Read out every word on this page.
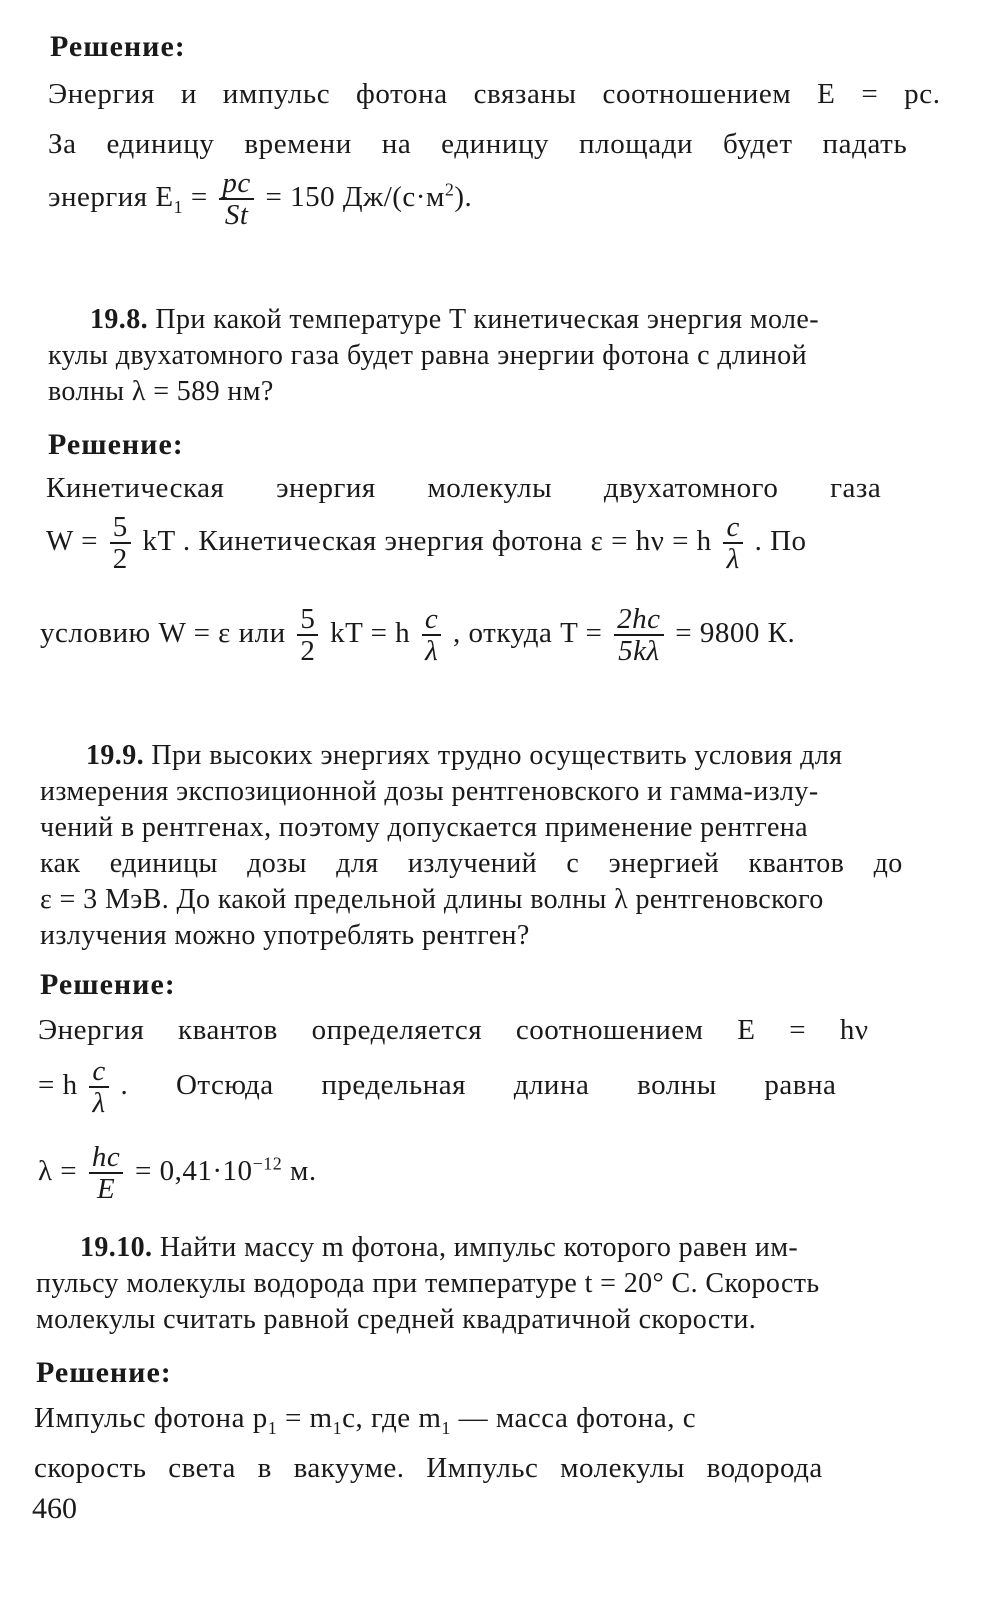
Решение:
Энергия и импульс фотона связаны соотношением E = pc.
За единицу времени на единицу площади будет падать
энергия $E_1 = \frac{pc}{St} = 150$ $Дж/(с\cdot м^2)$.
19.8. При какой температуре T кинетическая энергия моле-
кулы двухатомного газа будет равна энергии фотона с длиной
волны λ = 589 нм?
Решение:
Кинетическая энергия молекулы двухатомного газа
$W = \frac{5}{2}$ kT . Кинетическая энергия фотона ε = hν = h $\frac{c}{\lambda}$ . По
условию W = ε или $\frac{5}{2}$ kT = h $\frac{c}{\lambda}$ , откуда $T = \frac{2hc}{5k\lambda} = 9800$ К.
19.9. При высоких энергиях трудно осуществить условия для
измерения экспозиционной дозы рентгеновского и гамма-излу-
чений в рентгенах, поэтому допускается применение рентгена
как единицы дозы для излучений с энергией квантов до
ε = 3 МэВ. До какой предельной длины волны λ рентгеновского
излучения можно употреблять рентген?
Решение:
Энергия квантов определяется соотношением E = hν
= h $\frac{c}{\lambda}$ . Отсюда предельная длина волны равна
$\lambda = \frac{hc}{E} = 0,41\cdot 10^{-12}$ м.
19.10. Найти массу m фотона, импульс которого равен им-
пульсу молекулы водорода при температуре t = 20° С. Скорость
молекулы считать равной средней квадратичной скорости.
Решение:
Импульс фотона $p_1 = m_1c$, где $m_1$ — масса фотона, c
скорость света в вакууме. Импульс молекулы водорода
460
